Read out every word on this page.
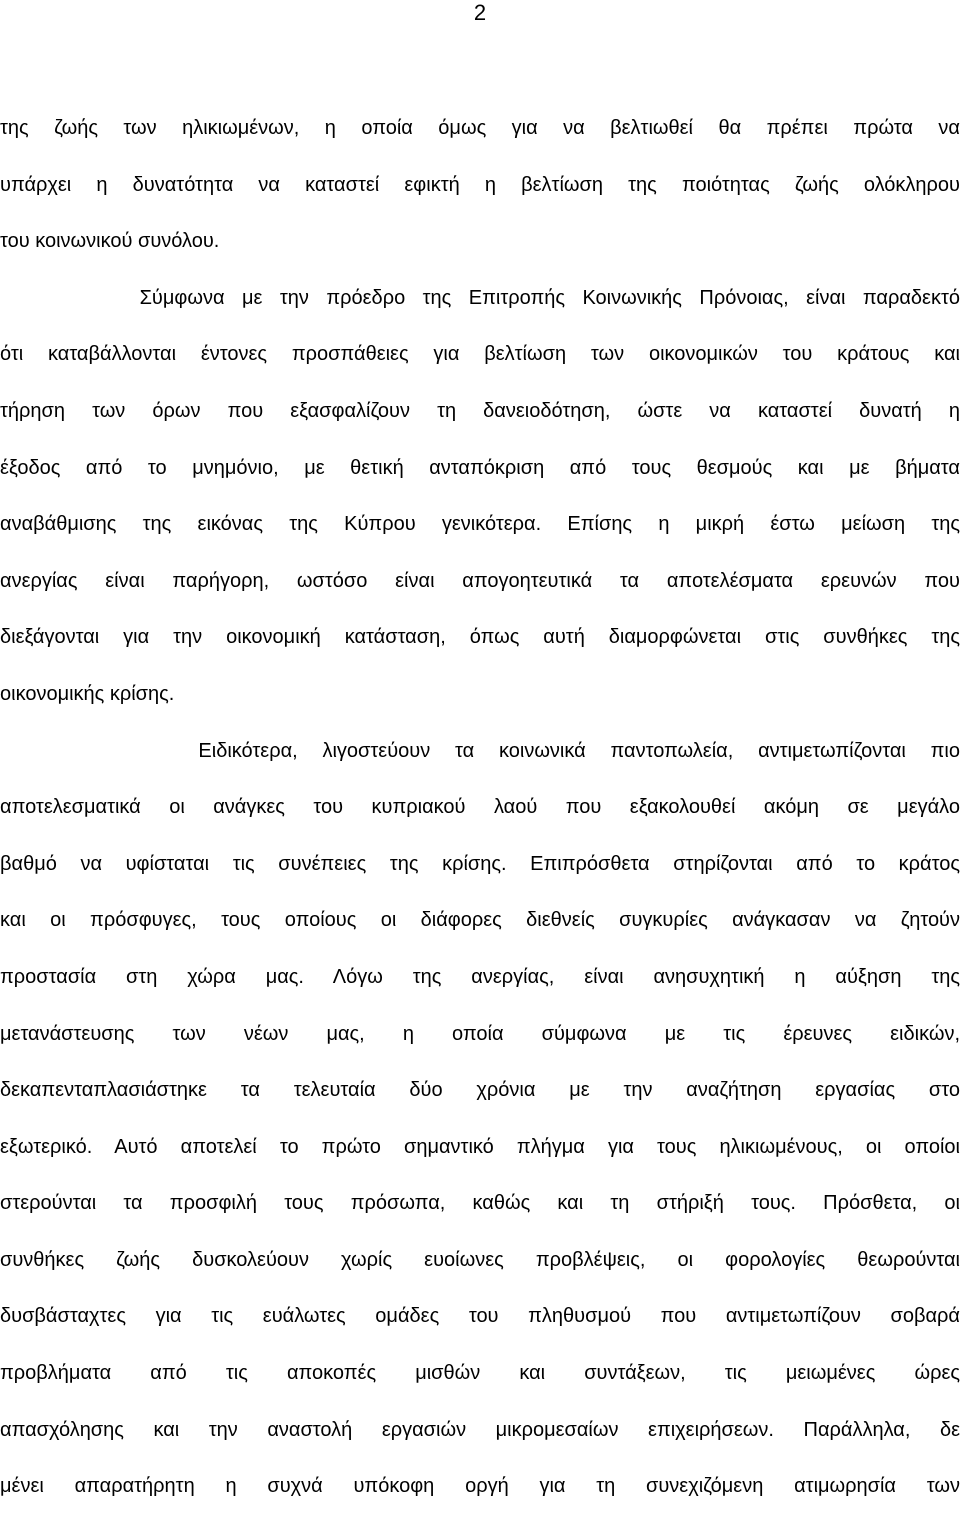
2
της ζωής των ηλικιωμένων, η οποία όμως για να βελτιωθεί θα πρέπει πρώτα να
υπάρχει η δυνατότητα να καταστεί εφικτή η βελτίωση της ποιότητας ζωής ολόκληρου
του κοινωνικού συνόλου.
Σύμφωνα με την πρόεδρο της Επιτροπής Κοινωνικής Πρόνοιας, είναι παραδεκτό
ότι καταβάλλονται έντονες προσπάθειες για βελτίωση των οικονομικών του κράτους και
τήρηση των όρων που εξασφαλίζουν τη δανειοδότηση, ώστε να καταστεί δυνατή η
έξοδος από το μνημόνιο, με θετική ανταπόκριση από τους θεσμούς και με βήματα
αναβάθμισης της εικόνας της Κύπρου γενικότερα. Επίσης η μικρή έστω μείωση της
ανεργίας είναι παρήγορη, ωστόσο είναι απογοητευτικά τα αποτελέσματα ερευνών που
διεξάγονται για την οικονομική κατάσταση, όπως αυτή διαμορφώνεται στις συνθήκες της
οικονομικής κρίσης.
Ειδικότερα, λιγοστεύουν τα κοινωνικά παντοπωλεία, αντιμετωπίζονται πιο
αποτελεσματικά οι ανάγκες του κυπριακού λαού που εξακολουθεί ακόμη σε μεγάλο
βαθμό να υφίσταται τις συνέπειες της κρίσης. Επιπρόσθετα στηρίζονται από το κράτος
και οι πρόσφυγες, τους οποίους οι διάφορες διεθνείς συγκυρίες ανάγκασαν να ζητούν
προστασία στη χώρα μας. Λόγω της ανεργίας, είναι ανησυχητική η αύξηση της
μετανάστευσης των νέων μας, η οποία σύμφωνα με τις έρευνες ειδικών,
δεκαπενταπλασιάστηκε τα τελευταία δύο χρόνια με την αναζήτηση εργασίας στο
εξωτερικό. Αυτό αποτελεί το πρώτο σημαντικό πλήγμα για τους ηλικιωμένους, οι οποίοι
στερούνται τα προσφιλή τους πρόσωπα, καθώς και τη στήριξή τους. Πρόσθετα, οι
συνθήκες ζωής δυσκολεύουν χωρίς ευοίωνες προβλέψεις, οι φορολογίες θεωρούνται
δυσβάσταχτες για τις ευάλωτες ομάδες του πληθυσμού που αντιμετωπίζουν σοβαρά
προβλήματα από τις αποκοπές μισθών και συντάξεων, τις μειωμένες ώρες
απασχόλησης και την αναστολή εργασιών μικρομεσαίων επιχειρήσεων. Παράλληλα, δε
μένει απαρατήρητη η συχνά υπόκοφη οργή για τη συνεχιζόμενη ατιμωρησία των
